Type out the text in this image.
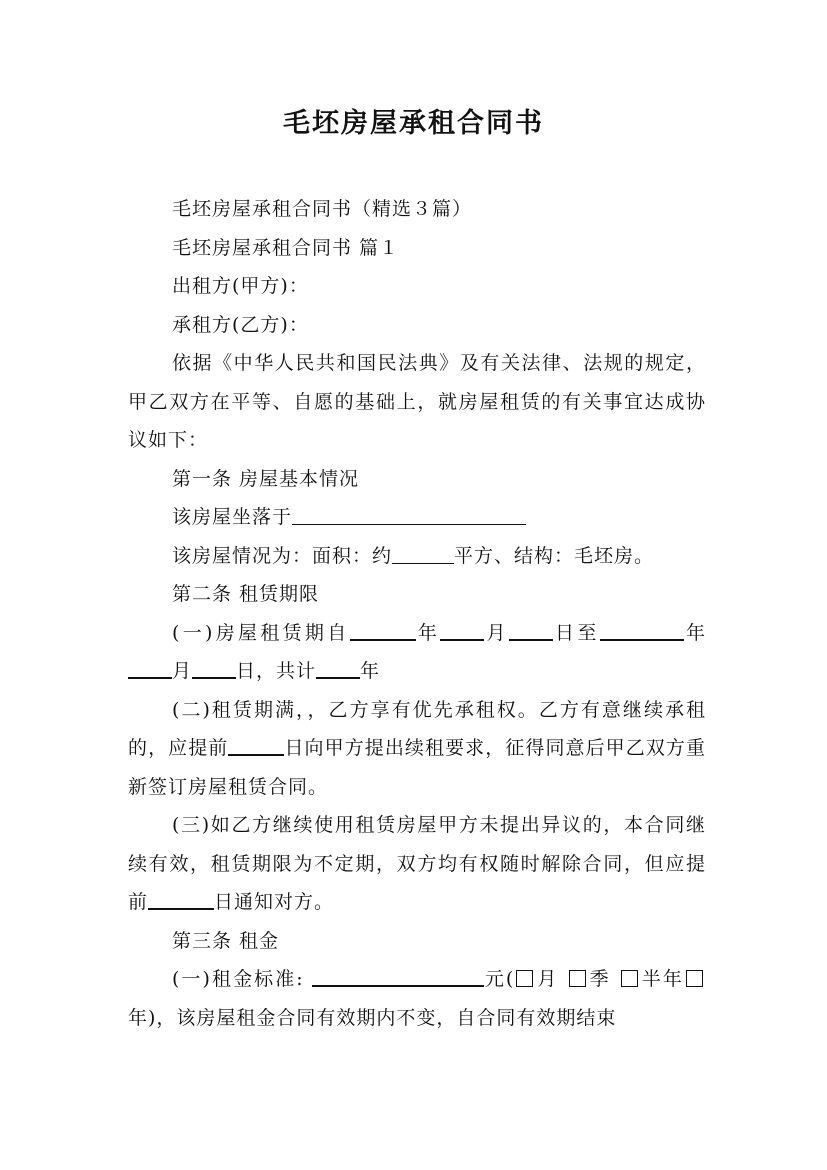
毛坯房屋承租合同书

毛坯房屋承租合同书（精选３篇）

毛坯房屋承租合同书 篇１

出租方(甲方)：

承租方(乙方)：

依据《中华人民共和国民法典》及有关法律、法规的规定，甲乙双方在平等、自愿的基础上，就房屋租赁的有关事宜达成协议如下：

第一条 房屋基本情况

该房屋坐落于

该房屋情况为：面积：约	平方、结构：毛坯房。

第二条 租赁期限

(一)房屋租赁期自	年 月 日至	年月 日，共计 年

(二)租赁期满，，乙方享有优先承租权。乙方有意继续承租的，应提前	日向甲方提出续租要求，征得同意后甲乙双方重新签订房屋租赁合同。

(三)如乙方继续使用租赁房屋甲方未提出异议的，本合同继续有效，租赁期限为不定期，双方均有权随时解除合同，但应提前	日通知对方。

第三条 租金

(一)租金标准:	元( 月 季 半年年)，该房屋租金合同有效期内不变，自合同有效期结束
